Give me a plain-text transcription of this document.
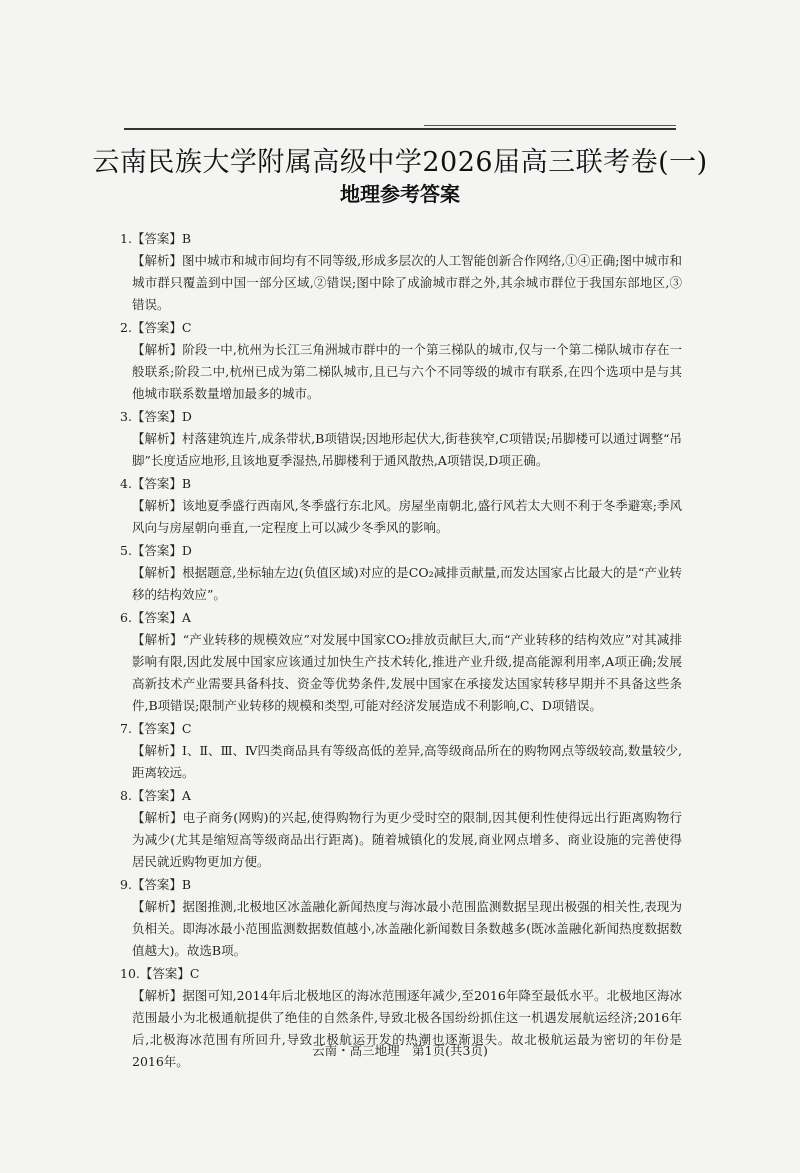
云南民族大学附属高级中学2026届高三联考卷(一)
地理参考答案

1.【答案】B

【解析】图中城市和城市间均有不同等级,形成多层次的人工智能创新合作网络,①④正确;图中城市和城市群只覆盖到中国一部分区域,②错误;图中除了成渝城市群之外,其余城市群位于我国东部地区,③错误。

2.【答案】C

【解析】阶段一中,杭州为长江三角洲城市群中的一个第三梯队的城市,仅与一个第二梯队城市存在一般联系;阶段二中,杭州已成为第二梯队城市,且已与六个不同等级的城市有联系,在四个选项中是与其他城市联系数量增加最多的城市。

3.【答案】D

【解析】村落建筑连片,成条带状,B项错误;因地形起伏大,街巷狭窄,C项错误;吊脚楼可以通过调整“吊脚”长度适应地形,且该地夏季湿热,吊脚楼利于通风散热,A项错误,D项正确。

4.【答案】B

【解析】该地夏季盛行西南风,冬季盛行东北风。房屋坐南朝北,盛行风若太大则不利于冬季避寒;季风风向与房屋朝向垂直,一定程度上可以减少冬季风的影响。

5.【答案】D

【解析】根据题意,坐标轴左边(负值区域)对应的是CO₂减排贡献量,而发达国家占比最大的是“产业转移的结构效应”。

6.【答案】A

【解析】“产业转移的规模效应”对发展中国家CO₂排放贡献巨大,而“产业转移的结构效应”对其减排影响有限,因此发展中国家应该通过加快生产技术转化,推进产业升级,提高能源利用率,A项正确;发展高新技术产业需要具备科技、资金等优势条件,发展中国家在承接发达国家转移早期并不具备这些条件,B项错误;限制产业转移的规模和类型,可能对经济发展造成不利影响,C、D项错误。

7.【答案】C

【解析】Ⅰ、Ⅱ、Ⅲ、Ⅳ四类商品具有等级高低的差异,高等级商品所在的购物网点等级较高,数量较少,距离较远。

8.【答案】A

【解析】电子商务(网购)的兴起,使得购物行为更少受时空的限制,因其便利性使得远出行距离购物行为减少(尤其是缩短高等级商品出行距离)。随着城镇化的发展,商业网点增多、商业设施的完善使得居民就近购物更加方便。

9.【答案】B

【解析】据图推测,北极地区冰盖融化新闻热度与海冰最小范围监测数据呈现出极强的相关性,表现为负相关。即海冰最小范围监测数据数值越小,冰盖融化新闻数目条数越多(既冰盖融化新闻热度数据数值越大)。故选B项。

10.【答案】C

【解析】据图可知,2014年后北极地区的海冰范围逐年减少,至2016年降至最低水平。北极地区海冰范围最小为北极通航提供了绝佳的自然条件,导致北极各国纷纷抓住这一机遇发展航运经济;2016年后,北极海冰范围有所回升,导致北极航运开发的热潮也逐渐退失。故北极航运最为密切的年份是2016年。

云南・高三地理　第1页(共3页)
